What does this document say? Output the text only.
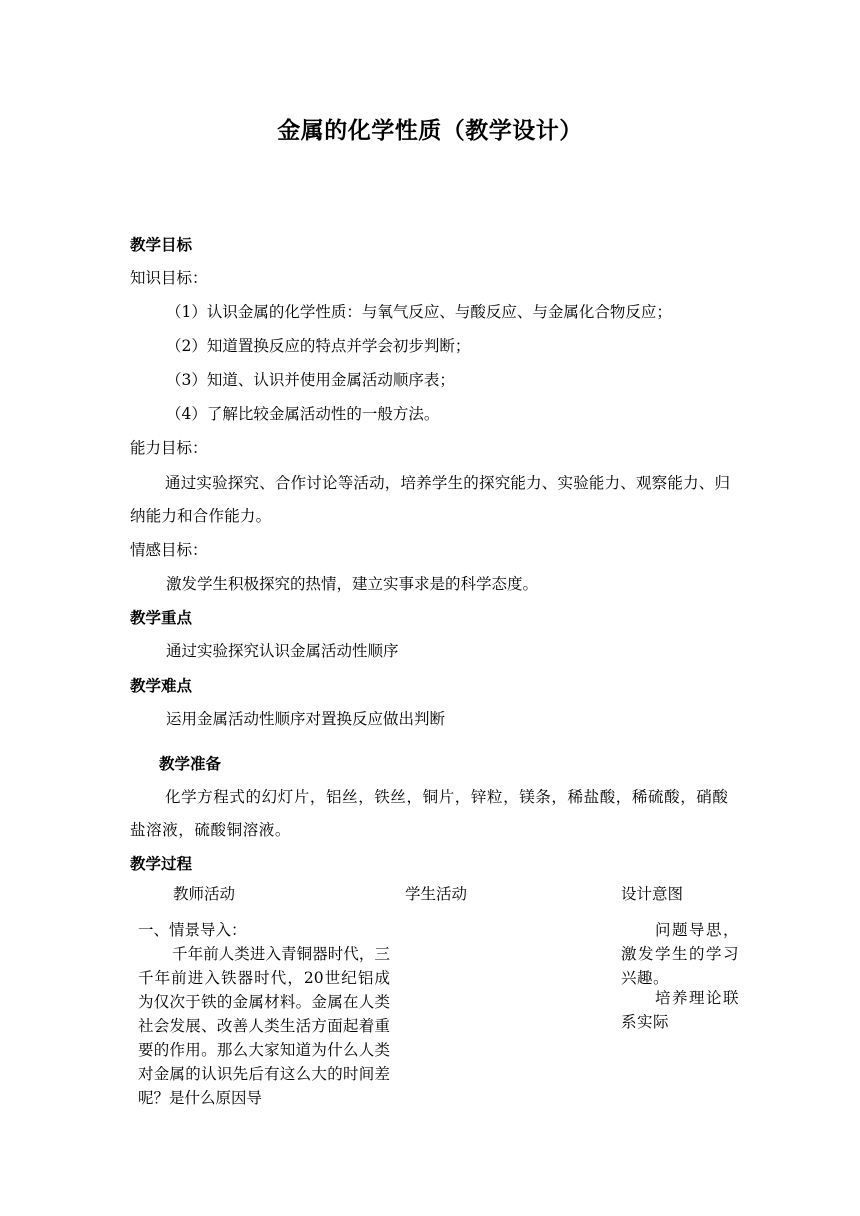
金属的化学性质（教学设计）
教学目标
知识目标：
（1）认识金属的化学性质：与氧气反应、与酸反应、与金属化合物反应；
（2）知道置换反应的特点并学会初步判断；
（3）知道、认识并使用金属活动顺序表；
（4）了解比较金属活动性的一般方法。
能力目标：
通过实验探究、合作讨论等活动，培养学生的探究能力、实验能力、观察能力、归纳能力和合作能力。
情感目标：
激发学生积极探究的热情，建立实事求是的科学态度。
教学重点
通过实验探究认识金属活动性顺序
教学难点
运用金属活动性顺序对置换反应做出判断
教学准备
化学方程式的幻灯片，铝丝，铁丝，铜片，锌粒，镁条，稀盐酸，稀硫酸，硝酸盐溶液，硫酸铜溶液。
教学过程
教师活动	学生活动	设计意图
一、情景导入：
千年前人类进入青铜器时代，三千年前进入铁器时代，20世纪铝成为仅次于铁的金属材料。金属在人类社会发展、改善人类生活方面起着重要的作用。那么大家知道为什么人类对金属的认识先后有这么大的时间差呢？是什么原因导
问题导思，激发学生的学习兴趣。
培养理论联系实际
